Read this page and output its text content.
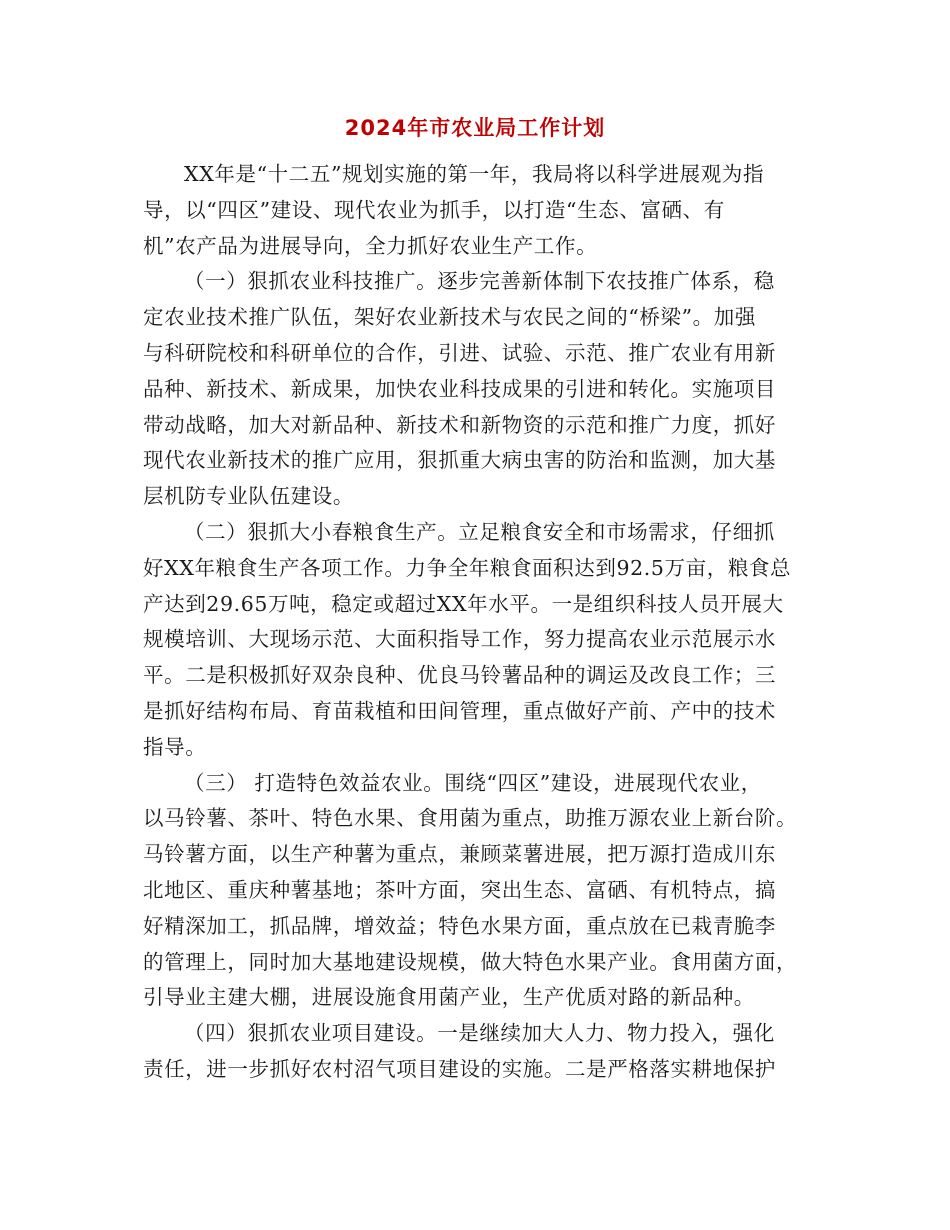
2024年市农业局工作计划
XX年是“十二五”规划实施的第一年，我局将以科学进展观为指
导，以“四区”建设、现代农业为抓手，以打造“生态、富硒、有
机”农产品为进展导向，全力抓好农业生产工作。
（一）狠抓农业科技推广。逐步完善新体制下农技推广体系，稳
定农业技术推广队伍，架好农业新技术与农民之间的“桥梁”。加强
与科研院校和科研单位的合作，引进、试验、示范、推广农业有用新
品种、新技术、新成果，加快农业科技成果的引进和转化。实施项目
带动战略，加大对新品种、新技术和新物资的示范和推广力度，抓好
现代农业新技术的推广应用，狠抓重大病虫害的防治和监测，加大基
层机防专业队伍建设。
（二）狠抓大小春粮食生产。立足粮食安全和市场需求，仔细抓
好XX年粮食生产各项工作。力争全年粮食面积达到92.5万亩，粮食总
产达到29.65万吨，稳定或超过XX年水平。一是组织科技人员开展大
规模培训、大现场示范、大面积指导工作，努力提高农业示范展示水
平。二是积极抓好双杂良种、优良马铃薯品种的调运及改良工作；三
是抓好结构布局、育苗栽植和田间管理，重点做好产前、产中的技术
指导。
（三） 打造特色效益农业。围绕“四区”建设，进展现代农业，
以马铃薯、茶叶、特色水果、食用菌为重点，助推万源农业上新台阶。
马铃薯方面，以生产种薯为重点，兼顾菜薯进展，把万源打造成川东
北地区、重庆种薯基地；茶叶方面，突出生态、富硒、有机特点，搞
好精深加工，抓品牌，增效益；特色水果方面，重点放在已栽青脆李
的管理上，同时加大基地建设规模，做大特色水果产业。食用菌方面，
引导业主建大棚，进展设施食用菌产业，生产优质对路的新品种。
（四）狠抓农业项目建设。一是继续加大人力、物力投入，强化
责任，进一步抓好农村沼气项目建设的实施。二是严格落实耕地保护
